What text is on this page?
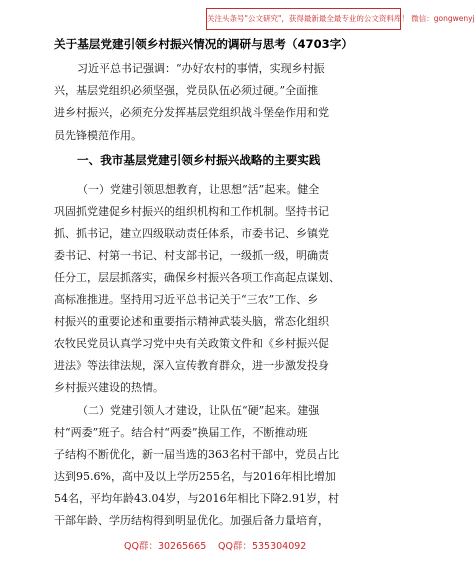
关注头条号"公文研究"，获得最新最全最专业的公文资料库！ 微信：gongwenyj
关于基层党建引领乡村振兴情况的调研与思考（4703字）
习近平总书记强调：“办好农村的事情，实现乡村振
兴，基层党组织必须坚强，党员队伍必须过硬。”全面推
进乡村振兴，必须充分发挥基层党组织战斗堡垒作用和党
员先锋模范作用。
一、我市基层党建引领乡村振兴战略的主要实践
（一）党建引领思想教育，让思想“活”起来。健全
巩固抓党建促乡村振兴的组织机构和工作机制。坚持书记
抓、抓书记，建立四级联动责任体系，市委书记、乡镇党
委书记、村第一书记、村支部书记，一级抓一级，明确责
任分工，层层抓落实，确保乡村振兴各项工作高起点谋划、
高标准推进。坚持用习近平总书记关于“三农”工作、乡
村振兴的重要论述和重要指示精神武装头脑，常态化组织
农牧民党员认真学习党中央有关政策文件和《乡村振兴促
进法》等法律法规，深入宣传教育群众，进一步激发投身
乡村振兴建设的热情。
（二）党建引领人才建设，让队伍“硬”起来。建强
村“两委”班子。结合村“两委”换届工作，不断推动班
子结构不断优化，新一届当选的363名村干部中，党员占比
达到95.6%，高中及以上学历255名，与2016年相比增加
54名，平均年龄43.04岁，与2016年相比下降2.91岁，村
干部年龄、学历结构得到明显优化。加强后备力量培育，
QQ群：30265665 QQ群：535304092
